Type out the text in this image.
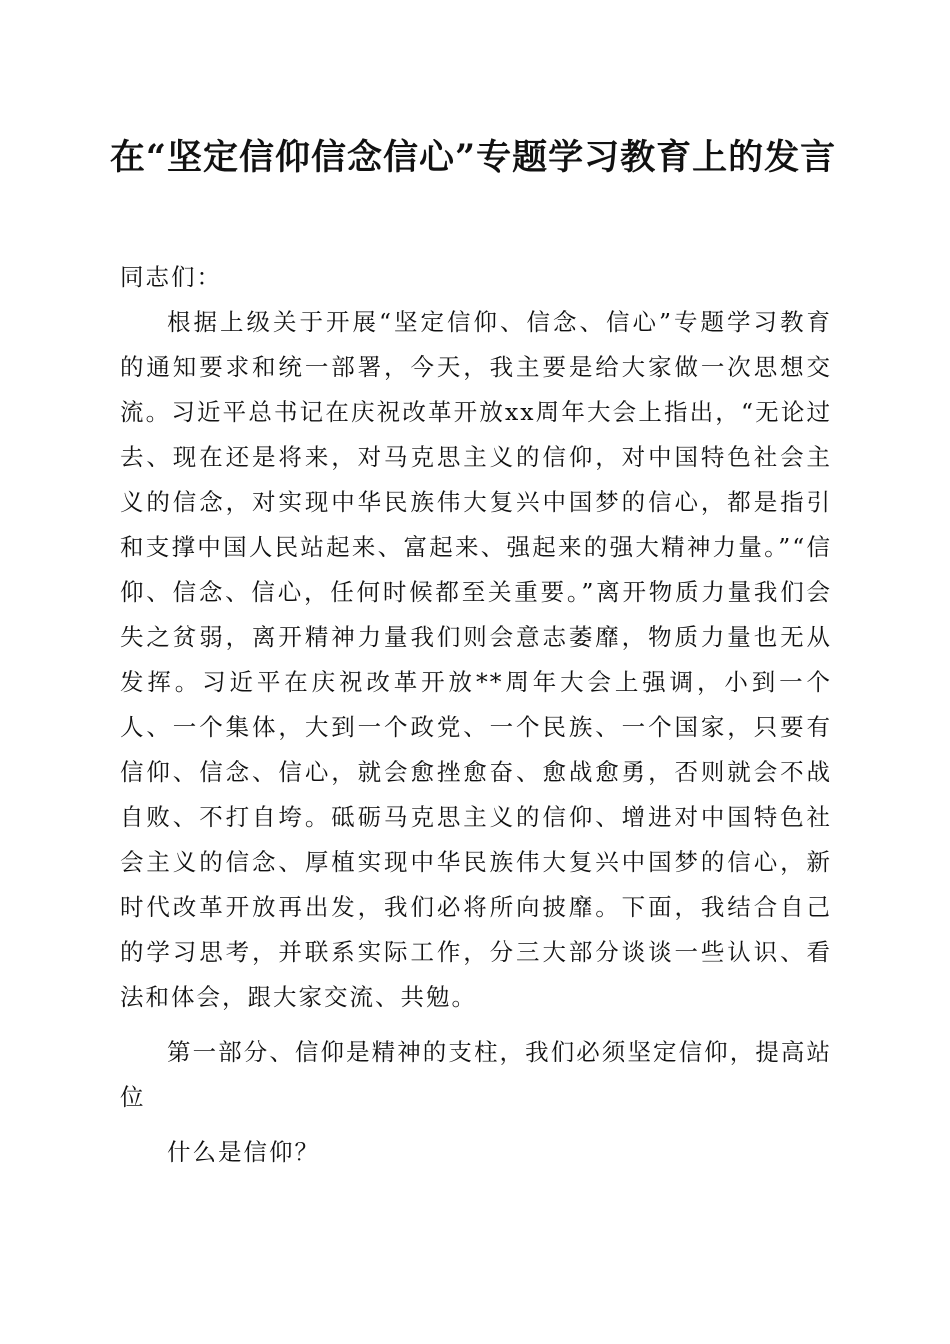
在“坚定信仰信念信心”专题学习教育上的发言

同志们：

根据上级关于开展“坚定信仰、信念、信心”专题学习教育的通知要求和统一部署，今天，我主要是给大家做一次思想交流。习近平总书记在庆祝改革开放xx周年大会上指出，“无论过去、现在还是将来，对马克思主义的信仰，对中国特色社会主义的信念，对实现中华民族伟大复兴中国梦的信心，都是指引和支撑中国人民站起来、富起来、强起来的强大精神力量。”“信仰、信念、信心，任何时候都至关重要。”离开物质力量我们会失之贫弱，离开精神力量我们则会意志萎靡，物质力量也无从发挥。习近平在庆祝改革开放**周年大会上强调，小到一个人、一个集体，大到一个政党、一个民族、一个国家，只要有信仰、信念、信心，就会愈挫愈奋、愈战愈勇，否则就会不战自败、不打自垮。砥砺马克思主义的信仰、增进对中国特色社会主义的信念、厚植实现中华民族伟大复兴中国梦的信心，新时代改革开放再出发，我们必将所向披靡。下面，我结合自己的学习思考，并联系实际工作，分三大部分谈谈一些认识、看法和体会，跟大家交流、共勉。

第一部分、信仰是精神的支柱，我们必须坚定信仰，提高站位

什么是信仰？
